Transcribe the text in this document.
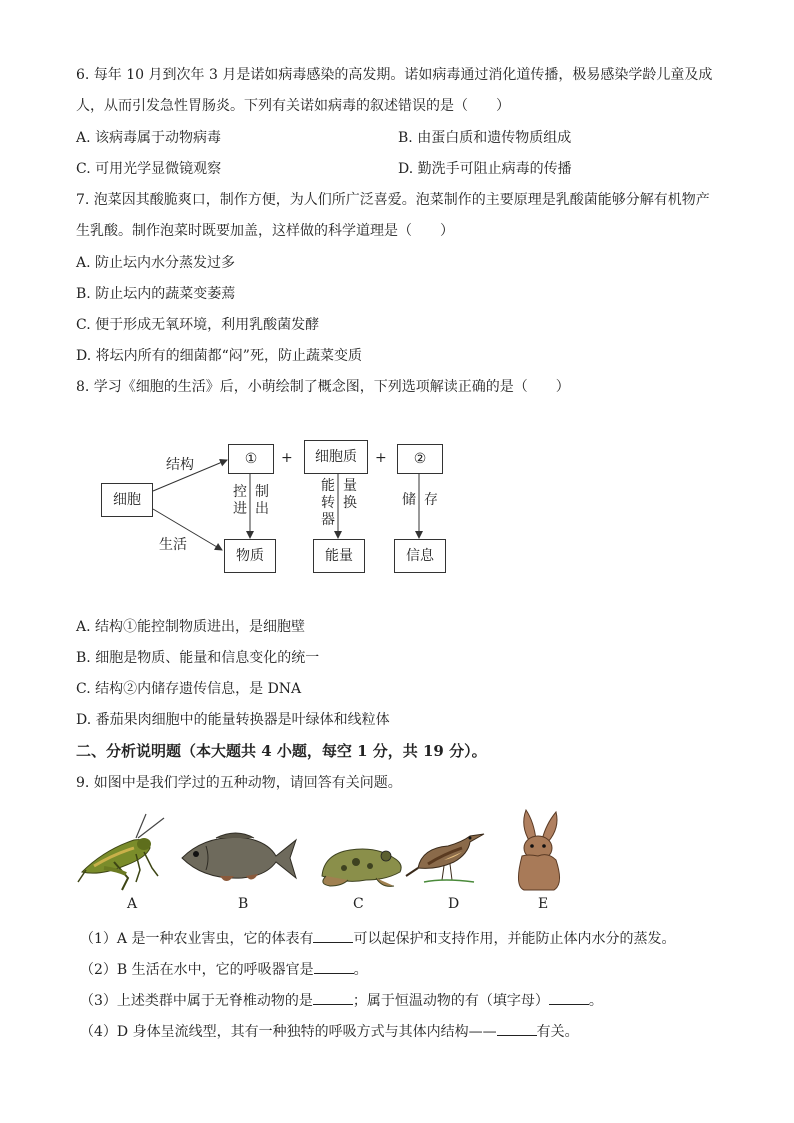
6. 每年 10 月到次年 3 月是诺如病毒感染的高发期。诺如病毒通过消化道传播，极易感染学龄儿童及成
人，从而引发急性胃肠炎。下列有关诺如病毒的叙述错误的是（　　）
A. 该病毒属于动物病毒	B. 由蛋白质和遗传物质组成
C. 可用光学显微镜观察	D. 勤洗手可阻止病毒的传播
7. 泡菜因其酸脆爽口，制作方便，为人们所广泛喜爱。泡菜制作的主要原理是乳酸菌能够分解有机物产
生乳酸。制作泡菜时既要加盖，这样做的科学道理是（　　）
A. 防止坛内水分蒸发过多
B. 防止坛内的蔬菜变萎蔫
C. 便于形成无氧环境，利用乳酸菌发酵
D. 将坛内所有的细菌都“闷”死，防止蔬菜变质
8. 学习《细胞的生活》后，小萌绘制了概念图，下列选项解读正确的是（　　）
细胞
结构
生活
①	+	细胞质	+	②
控进
制出
能转器
量换	储 存
物质	能量	信息
A. 结构①能控制物质进出，是细胞壁
B. 细胞是物质、能量和信息变化的统一
C. 结构②内储存遗传信息，是 DNA
D. 番茄果肉细胞中的能量转换器是叶绿体和线粒体
二、分析说明题（本大题共 4 小题，每空 1 分，共 19 分）。
9. 如图中是我们学过的五种动物，请回答有关问题。
A	B	C	D	E
（1）A 是一种农业害虫，它的体表有	可以起保护和支持作用，并能防止体内水分的蒸发。
（2）B 生活在水中，它的呼吸器官是	。
（3）上述类群中属于无脊椎动物的是	；属于恒温动物的有（填字母）	。
（4）D 身体呈流线型，其有一种独特的呼吸方式与其体内结构——	有关。
